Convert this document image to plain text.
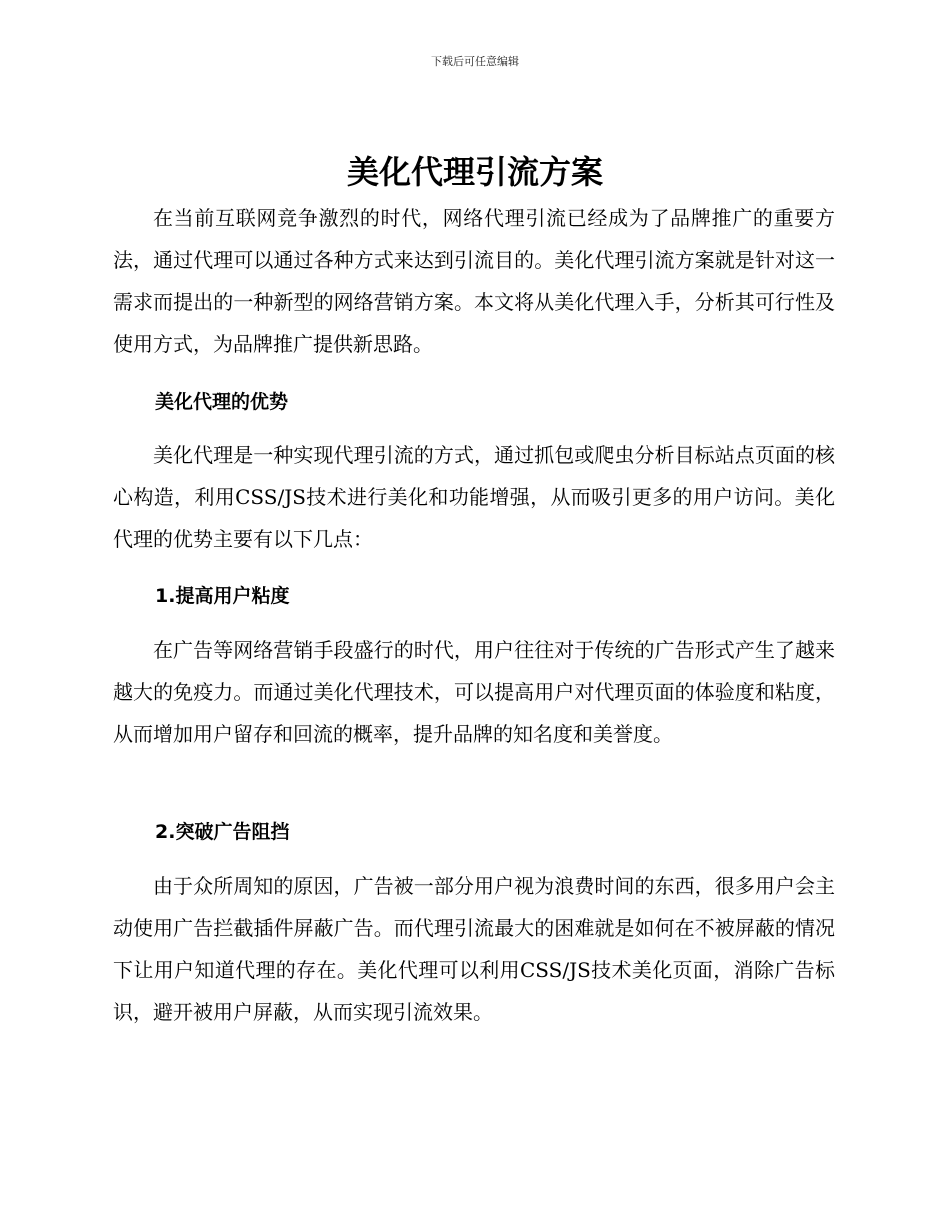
下载后可任意编辑
美化代理引流方案

在当前互联网竞争激烈的时代，网络代理引流已经成为了品牌推广的重要方法，通过代理可以通过各种方式来达到引流目的。美化代理引流方案就是针对这一需求而提出的一种新型的网络营销方案。本文将从美化代理入手，分析其可行性及使用方式，为品牌推广提供新思路。

美化代理的优势

美化代理是一种实现代理引流的方式，通过抓包或爬虫分析目标站点页面的核心构造，利用CSS/JS技术进行美化和功能增强，从而吸引更多的用户访问。美化代理的优势主要有以下几点：

1.提高用户粘度

在广告等网络营销手段盛行的时代，用户往往对于传统的广告形式产生了越来越大的免疫力。而通过美化代理技术，可以提高用户对代理页面的体验度和粘度，从而增加用户留存和回流的概率，提升品牌的知名度和美誉度。

2.突破广告阻挡

由于众所周知的原因，广告被一部分用户视为浪费时间的东西，很多用户会主动使用广告拦截插件屏蔽广告。而代理引流最大的困难就是如何在不被屏蔽的情况下让用户知道代理的存在。美化代理可以利用CSS/JS技术美化页面，消除广告标识，避开被用户屏蔽，从而实现引流效果。
